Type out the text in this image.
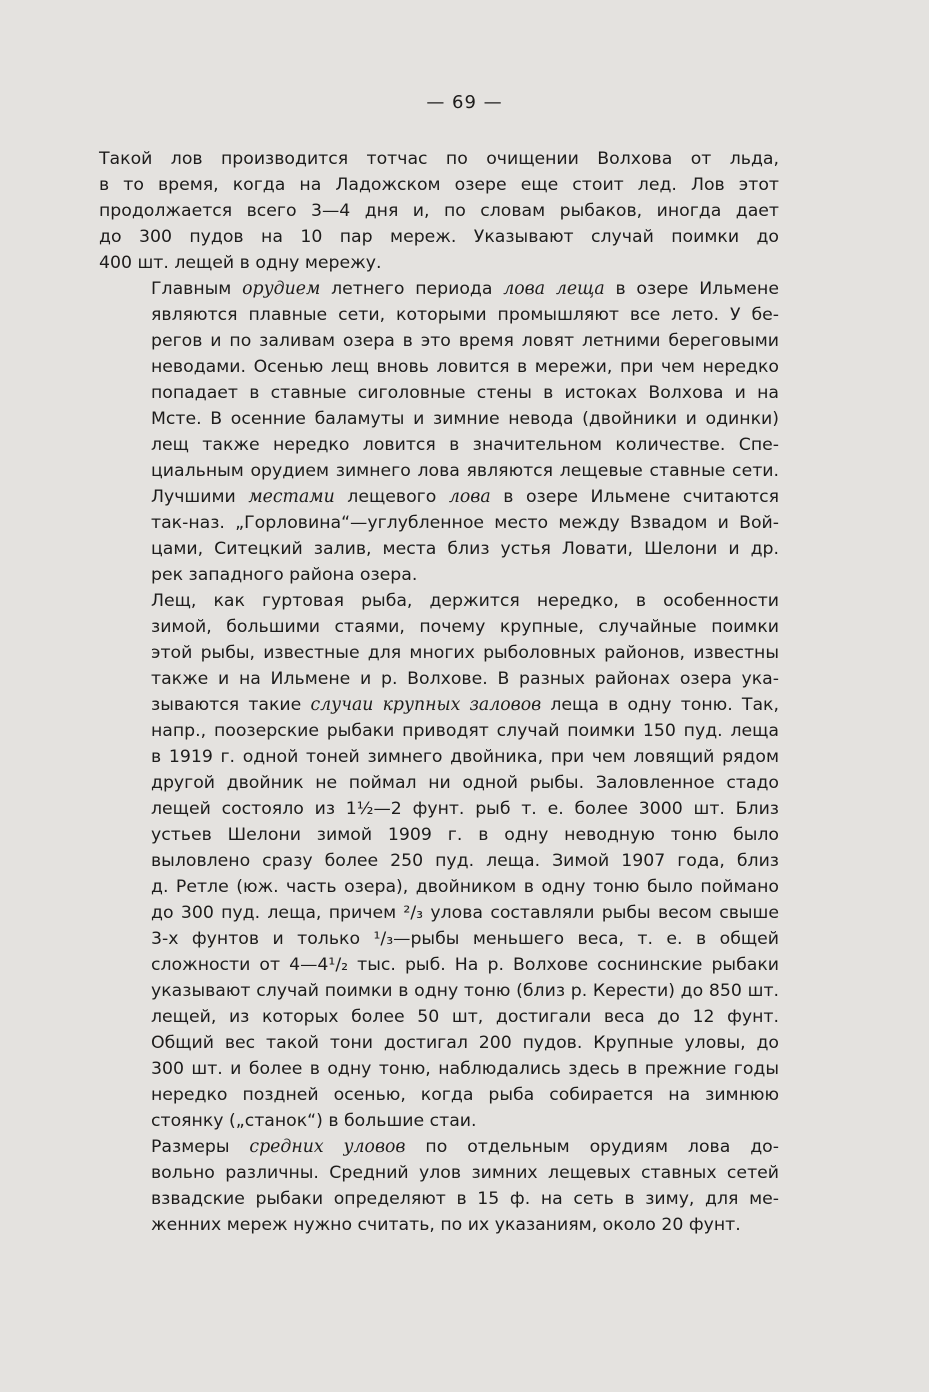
— 69 —
Такой лов производится тотчас по очищении Волхова от льда,
в то время, когда на Ладожском озере еще стоит лед. Лов этот
продолжается всего 3—4 дня и, по словам рыбаков, иногда дает
до 300 пудов на 10 пар мереж. Указывают случай поимки до
400 шт. лещей в одну мережу.
Главным орудием летнего периода лова леща в озере Ильмене
являются плавные сети, которыми промышляют все лето. У бе-
регов и по заливам озера в это время ловят летними береговыми
неводами. Осенью лещ вновь ловится в мережи, при чем нередко
попадает в ставные сиголовные стены в истоках Волхова и на
Мсте. В осенние баламуты и зимние невода (двойники и одинки)
лещ также нередко ловится в значительном количестве. Спе-
циальным орудием зимнего лова являются лещевые ставные сети.
Лучшими местами лещевого лова в озере Ильмене считаются
так-наз. „Горловина“—углубленное место между Взвадом и Вой-
цами, Ситецкий залив, места близ устья Ловати, Шелони и др.
рек западного района озера.
Лещ, как гуртовая рыба, держится нередко, в особенности
зимой, большими стаями, почему крупные, случайные поимки
этой рыбы, известные для многих рыболовных районов, известны
также и на Ильмене и р. Волхове. В разных районах озера ука-
зываются такие случаи крупных заловов леща в одну тоню. Так,
напр., поозерские рыбаки приводят случай поимки 150 пуд. леща
в 1919 г. одной тоней зимнего двойника, при чем ловящий рядом
другой двойник не поймал ни одной рыбы. Заловленное стадо
лещей состояло из 1½—2 фунт. рыб т. е. более 3000 шт. Близ
устьев Шелони зимой 1909 г. в одну неводную тоню было
выловлено сразу более 250 пуд. леща. Зимой 1907 года, близ
д. Ретле (юж. часть озера), двойником в одну тоню было поймано
до 300 пуд. леща, причем ²/₃ улова составляли рыбы весом свыше
3-х фунтов и только ¹/₃—рыбы меньшего веса, т. е. в общей
сложности от 4—4¹/₂ тыс. рыб. На р. Волхове соснинские рыбаки
указывают случай поимки в одну тоню (близ р. Керести) до 850 шт.
лещей, из которых более 50 шт, достигали веса до 12 фунт.
Общий вес такой тони достигал 200 пудов. Крупные уловы, до
300 шт. и более в одну тоню, наблюдались здесь в прежние годы
нередко поздней осенью, когда рыба собирается на зимнюю
стоянку („станок“) в большие стаи.
Размеры средних уловов по отдельным орудиям лова до-
вольно различны. Средний улов зимних лещевых ставных сетей
взвадские рыбаки определяют в 15 ф. на сеть в зиму, для ме-
женних мереж нужно считать, по их указаниям, около 20 фунт.
